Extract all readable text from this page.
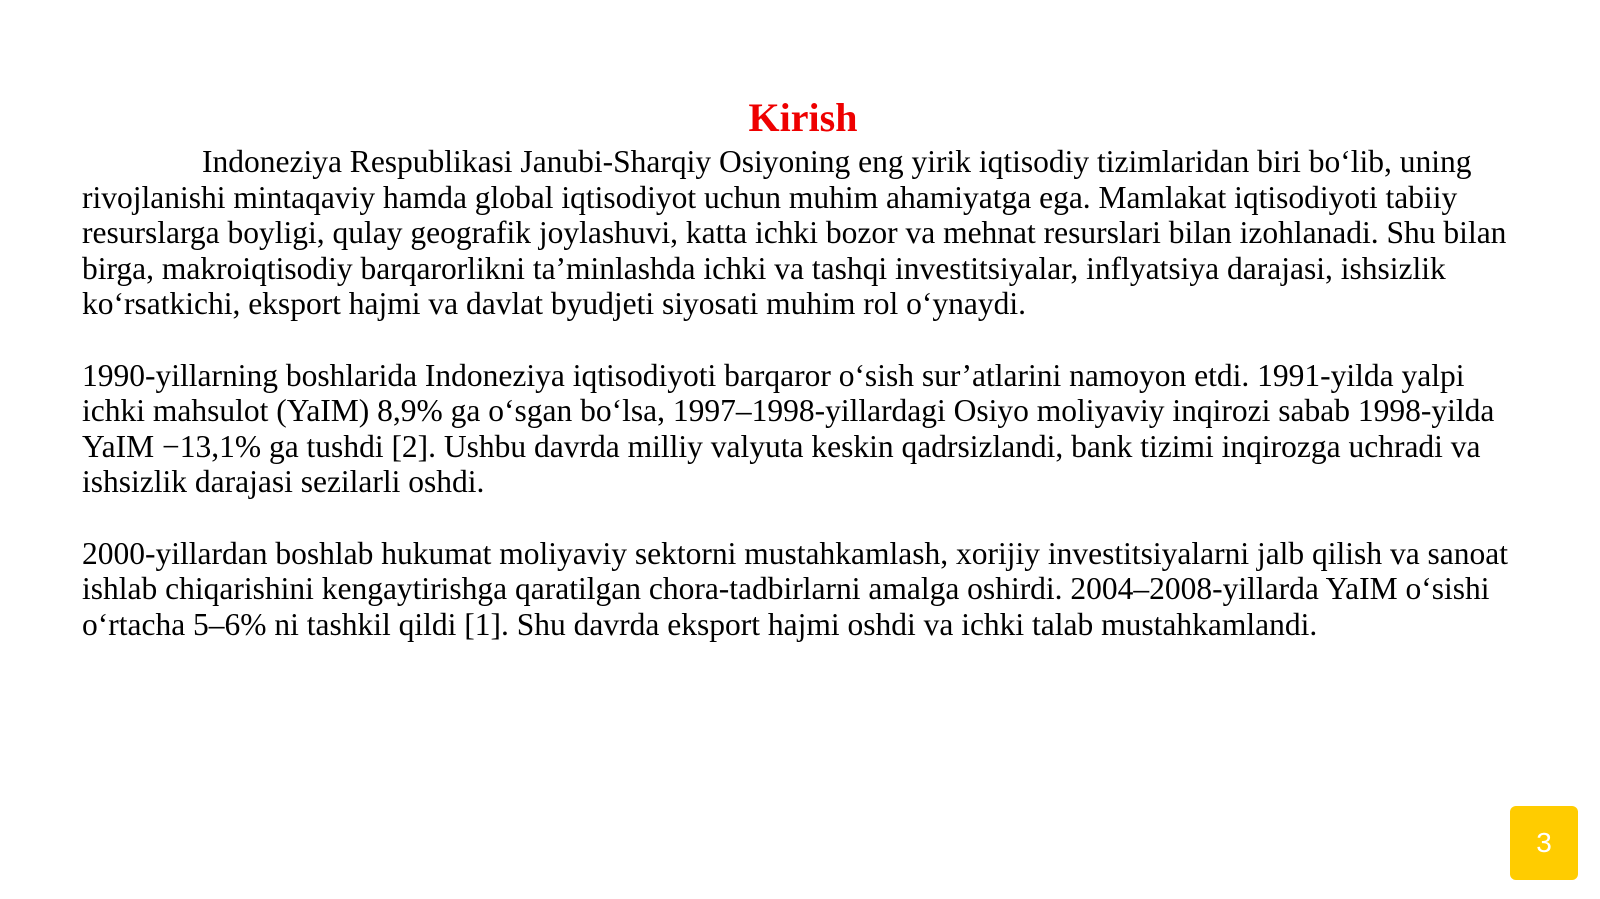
Kirish

Indoneziya Respublikasi Janubi-Sharqiy Osiyoning eng yirik iqtisodiy tizimlaridan biri bo‘lib, uning rivojlanishi mintaqaviy hamda global iqtisodiyot uchun muhim ahamiyatga ega. Mamlakat iqtisodiyoti tabiiy resurslarga boyligi, qulay geografik joylashuvi, katta ichki bozor va mehnat resurslari bilan izohlanadi. Shu bilan birga, makroiqtisodiy barqarorlikni ta’minlashda ichki va tashqi investitsiyalar, inflyatsiya darajasi, ishsizlik ko‘rsatkichi, eksport hajmi va davlat byudjeti siyosati muhim rol o‘ynaydi.

1990-yillarning boshlarida Indoneziya iqtisodiyoti barqaror o‘sish sur’atlarini namoyon etdi. 1991-yilda yalpi ichki mahsulot (YaIM) 8,9% ga o‘sgan bo‘lsa, 1997–1998-yillardagi Osiyo moliyaviy inqirozi sabab 1998-yilda YaIM −13,1% ga tushdi [2]. Ushbu davrda milliy valyuta keskin qadrsizlandi, bank tizimi inqirozga uchradi va ishsizlik darajasi sezilarli oshdi.

2000-yillardan boshlab hukumat moliyaviy sektorni mustahkamlash, xorijiy investitsiyalarni jalb qilish va sanoat ishlab chiqarishini kengaytirishga qaratilgan chora-tadbirlarni amalga oshirdi. 2004–2008-yillarda YaIM o‘sishi o‘rtacha 5–6% ni tashkil qildi [1]. Shu davrda eksport hajmi oshdi va ichki talab mustahkamlandi.

3
